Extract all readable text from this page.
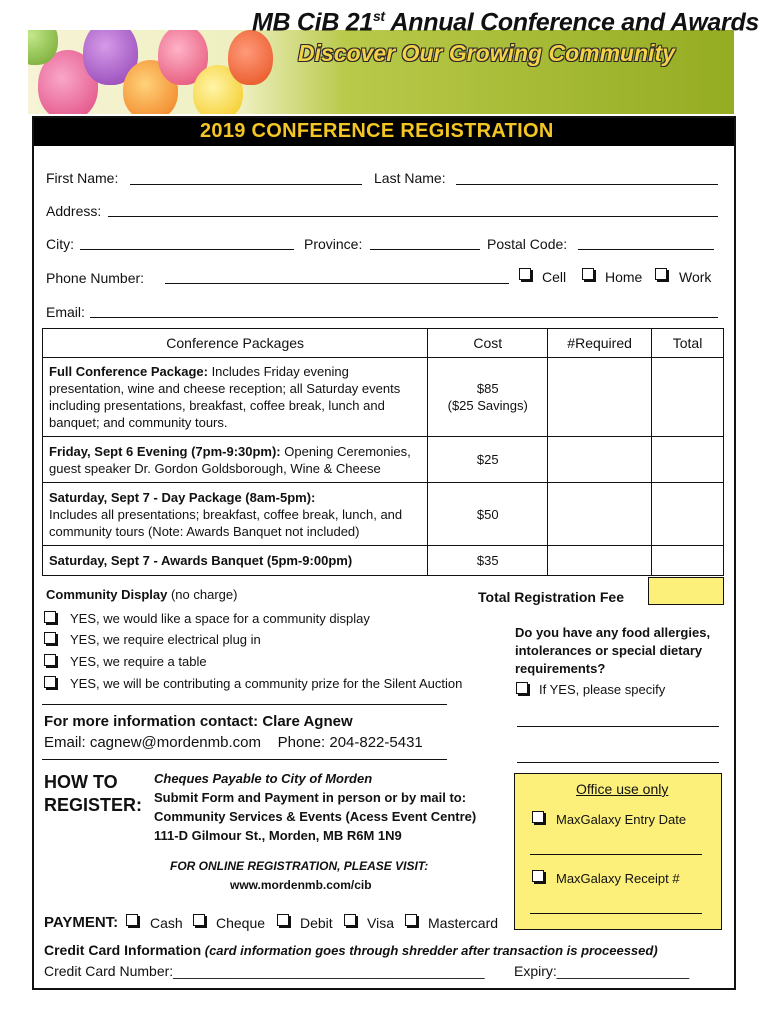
MB CiB 21st Annual Conference and Awards
Discover Our Growing Community
2019 CONFERENCE REGISTRATION
First Name:	Last Name:
Address:
City:	Province:	Postal Code:
Phone Number:	Cell	Home	Work
Email:
Conference Packages	Cost	#Required	Total
Full Conference Package: Includes Friday evening presentation, wine and cheese reception; all Saturday events including presentations, breakfast, coffee break, lunch and banquet; and community tours.	$85
($25 Savings)		

Friday, Sept 6 Evening (7pm-9:30pm): Opening Ceremonies, guest speaker Dr. Gordon Goldsborough, Wine & Cheese	$25		
Saturday, Sept 7 - Day Package (8am-5pm):
Includes all presentations; breakfast, coffee break, lunch, and community tours (Note: Awards Banquet not included)	$50		
Saturday, Sept 7 - Awards Banquet (5pm-9:00pm)	$35		
Community Display (no charge)
YES, we would like a space for a community display
YES, we require electrical plug in
YES, we require a table
YES, we will be contributing a community prize for the Silent Auction
Total Registration Fee
Do you have any food allergies, intolerances or special dietary requirements?
If YES, please specify
For more information contact: Clare Agnew
Email: cagnew@mordenmb.com    Phone: 204-822-5431
HOW TO
REGISTER:
Cheques Payable to City of Morden
Submit Form and Payment in person or by mail to:
Community Services & Events (Acess Event Centre)
111-D Gilmour St., Morden, MB R6M 1N9
FOR ONLINE REGISTRATION, PLEASE VISIT:
www.mordenmb.com/cib
Office use only
MaxGalaxy Entry Date
MaxGalaxy Receipt #
PAYMENT: Cash Cheque Debit Visa Mastercard
Credit Card Information (card information goes through shredder after transaction is proceessed)
Credit Card Number:________________________________________ Expiry:_________________
